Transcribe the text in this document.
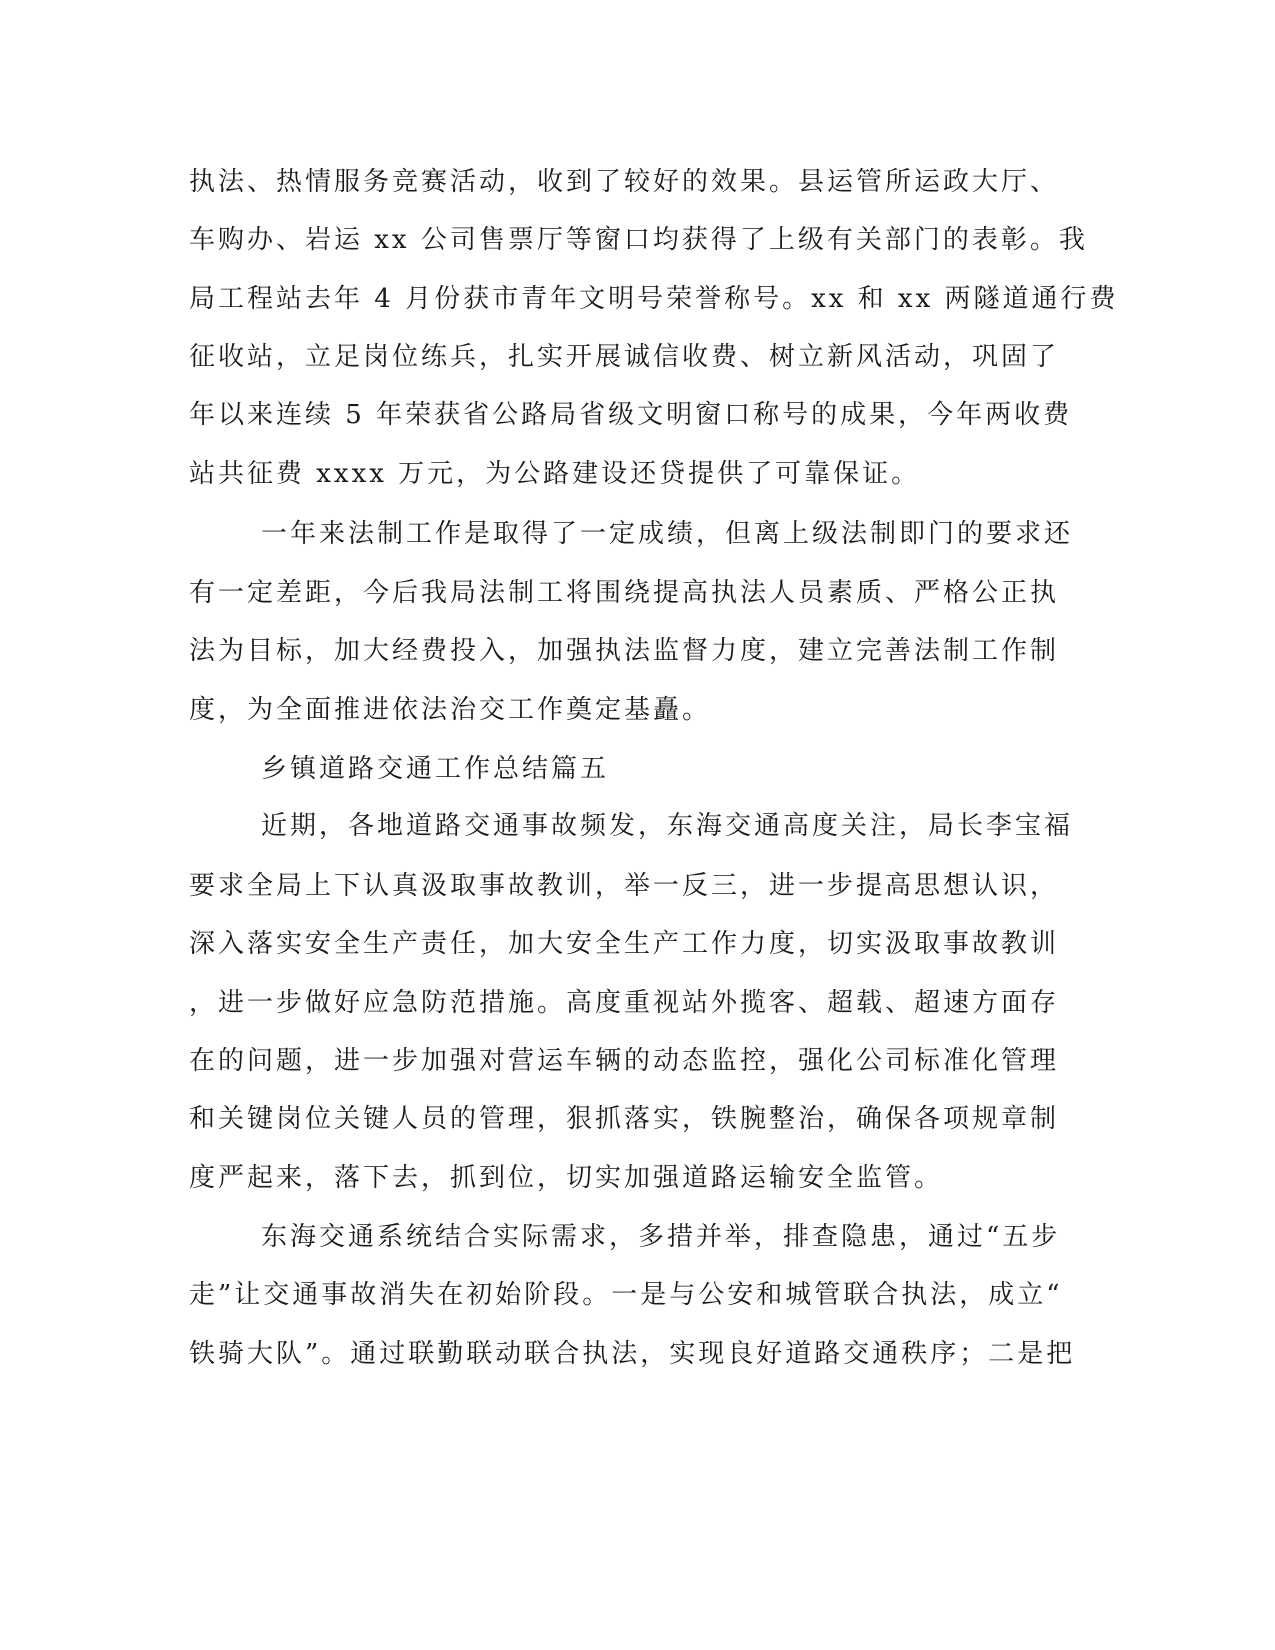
执法、热情服务竞赛活动，收到了较好的效果。县运管所运政大厅、
车购办、岩运 xx 公司售票厅等窗口均获得了上级有关部门的表彰。我
局工程站去年 4 月份获市青年文明号荣誉称号。xx 和 xx 两隧道通行费
征收站，立足岗位练兵，扎实开展诚信收费、树立新风活动，巩固了
年以来连续 5 年荣获省公路局省级文明窗口称号的成果，今年两收费
站共征费 xxxx 万元，为公路建设还贷提供了可靠保证。
一年来法制工作是取得了一定成绩，但离上级法制即门的要求还
有一定差距，今后我局法制工将围绕提高执法人员素质、严格公正执
法为目标，加大经费投入，加强执法监督力度，建立完善法制工作制
度，为全面推进依法治交工作奠定基矗。
乡镇道路交通工作总结篇五
近期，各地道路交通事故频发，东海交通高度关注，局长李宝福
要求全局上下认真汲取事故教训，举一反三，进一步提高思想认识，
深入落实安全生产责任，加大安全生产工作力度，切实汲取事故教训
，进一步做好应急防范措施。高度重视站外揽客、超载、超速方面存
在的问题，进一步加强对营运车辆的动态监控，强化公司标准化管理
和关键岗位关键人员的管理，狠抓落实，铁腕整治，确保各项规章制
度严起来，落下去，抓到位，切实加强道路运输安全监管。
东海交通系统结合实际需求，多措并举，排查隐患，通过“五步
走”让交通事故消失在初始阶段。一是与公安和城管联合执法，成立“
铁骑大队”。通过联勤联动联合执法，实现良好道路交通秩序；二是把
